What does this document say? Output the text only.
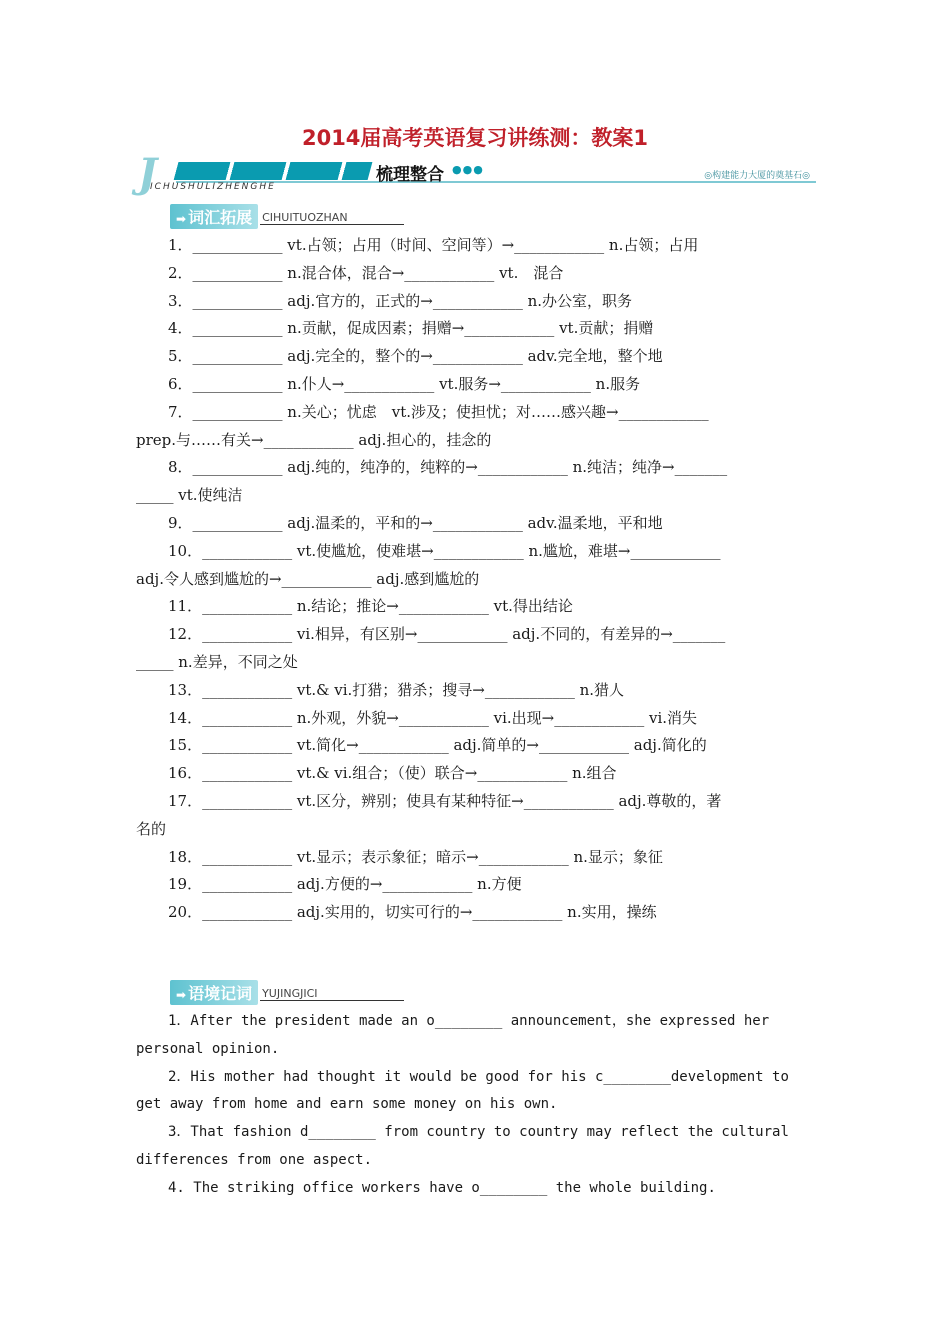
2014届高考英语复习讲练测：教案1
J	梳理整合 ●●●
ICHUSHULIZHENGHE
◎构建能力大厦的奠基石◎
➡ 词汇拓展 CIHUITUOZHAN
1．____________ vt.占领；占用（时间、空间等）→____________ n.占领；占用
2．____________ n.混合体，混合→____________ vt.　混合
3．____________ adj.官方的，正式的→____________ n.办公室，职务
4．____________ n.贡献，促成因素；捐赠→____________ vt.贡献；捐赠
5．____________ adj.完全的，整个的→____________ adv.完全地，整个地
6．____________ n.仆人→____________ vt.服务→____________ n.服务
7．____________ n.关心；忧虑　vt.涉及；使担忧；对……感兴趣→____________
prep.与……有关→____________ adj.担心的，挂念的
8．____________ adj.纯的，纯净的，纯粹的→____________ n.纯洁；纯净→_______
_____ vt.使纯洁
9．____________ adj.温柔的，平和的→____________ adv.温柔地，平和地
10．____________ vt.使尴尬，使难堪→____________ n.尴尬，难堪→____________
adj.令人感到尴尬的→____________ adj.感到尴尬的
11．____________ n.结论；推论→____________ vt.得出结论
12．____________ vi.相异，有区别→____________ adj.不同的，有差异的→_______
_____ n.差异，不同之处
13．____________ vt.& vi.打猎；猎杀；搜寻→____________ n.猎人
14．____________ n.外观，外貌→____________ vi.出现→____________ vi.消失
15．____________ vt.简化→____________ adj.简单的→____________ adj.简化的
16．____________ vt.& vi.组合；（使）联合→____________ n.组合
17．____________ vt.区分，辨别；使具有某种特征→____________ adj.尊敬的，著
名的
18．____________ vt.显示；表示象征；暗示→____________ n.显示；象征
19．____________ adj.方便的→____________ n.方便
20．____________ adj.实用的，切实可行的→____________ n.实用，操练
➡ 语境记词 YUJINGJICI
1．After the president made an o________ announcement，she expressed her
personal opinion.
2．His mother had thought it would be good for his c________development to
get away from home and earn some money on his own.
3．That fashion d________ from country to country may reflect the cultural
differences from one aspect.
4. The striking office workers have o________ the whole building.
